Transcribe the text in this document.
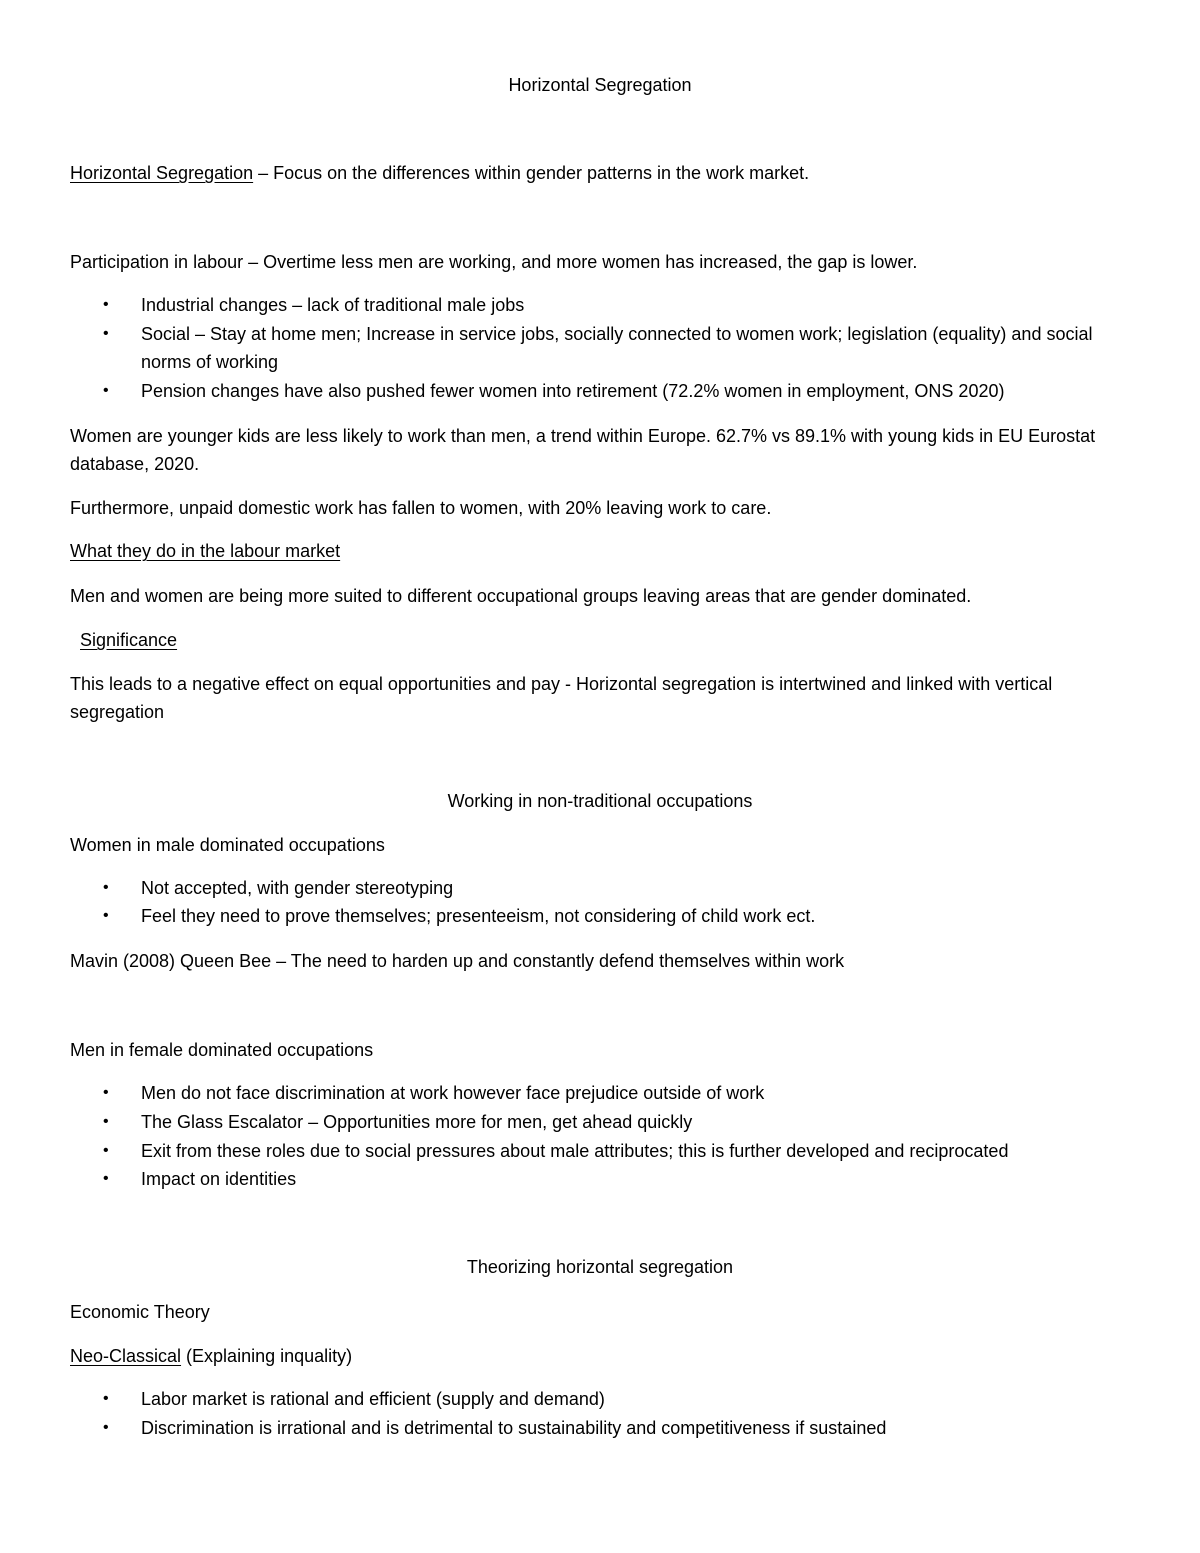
Horizontal Segregation
Horizontal Segregation – Focus on the differences within gender patterns in the work market.
Participation in labour – Overtime less men are working, and more women has increased, the gap is lower.
•	Industrial changes – lack of traditional male jobs
•	Social – Stay at home men; Increase in service jobs, socially connected to women work; legislation (equality) and social norms of working
•	Pension changes have also pushed fewer women into retirement (72.2% women in employment, ONS 2020)
Women are younger kids are less likely to work than men, a trend within Europe. 62.7% vs 89.1% with young kids in EU Eurostat database, 2020.
Furthermore, unpaid domestic work has fallen to women, with 20% leaving work to care.
What they do in the labour market
Men and women are being more suited to different occupational groups leaving areas that are gender dominated.
Significance
This leads to a negative effect on equal opportunities and pay - Horizontal segregation is intertwined and linked with vertical segregation
Working in non-traditional occupations
Women in male dominated occupations
•	Not accepted, with gender stereotyping
•	Feel they need to prove themselves; presenteeism, not considering of child work ect.
Mavin (2008) Queen Bee – The need to harden up and constantly defend themselves within work
Men in female dominated occupations
•	Men do not face discrimination at work however face prejudice outside of work
•	The Glass Escalator – Opportunities more for men, get ahead quickly
•	Exit from these roles due to social pressures about male attributes; this is further developed and reciprocated
•	Impact on identities
Theorizing horizontal segregation
Economic Theory
Neo-Classical (Explaining inquality)
•	Labor market is rational and efficient (supply and demand)
•	Discrimination is irrational and is detrimental to sustainability and competitiveness if sustained
